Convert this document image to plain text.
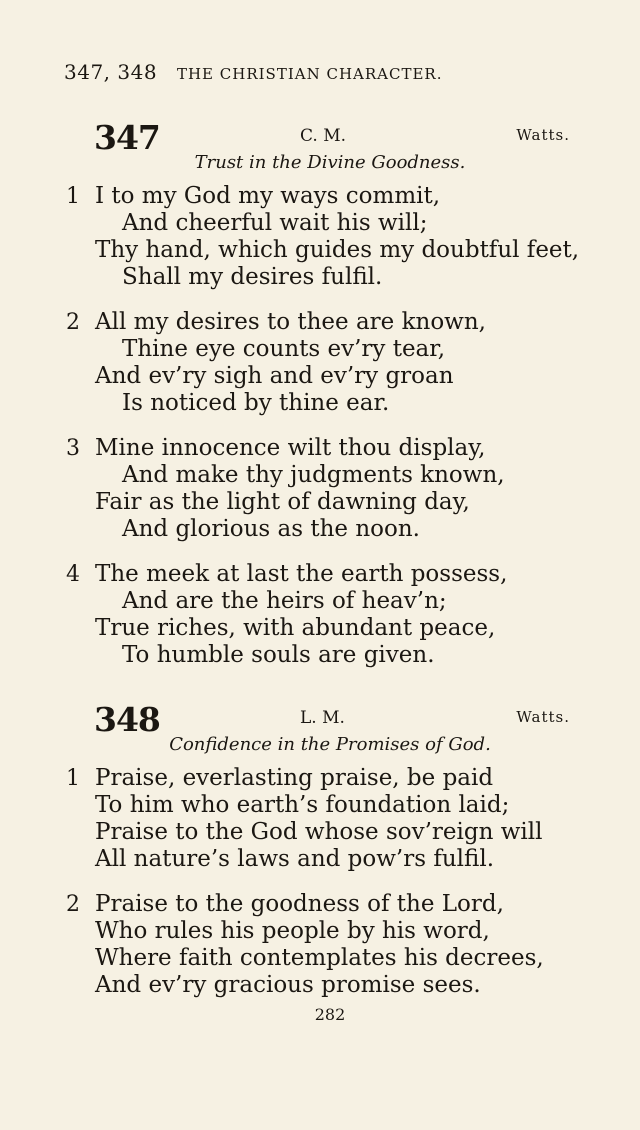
347, 348 THE CHRISTIAN CHARACTER.
347	C. M.	Watts.
Trust in the Divine Goodness.
1 I to my God my ways commit,
And cheerful wait his will;
Thy hand, which guides my doubtful feet,
Shall my desires fulfil.
2 All my desires to thee are known,
Thine eye counts ev’ry tear,
And ev’ry sigh and ev’ry groan
Is noticed by thine ear.
3 Mine innocence wilt thou display,
And make thy judgments known,
Fair as the light of dawning day,
And glorious as the noon.
4 The meek at last the earth possess,
And are the heirs of heav’n;
True riches, with abundant peace,
To humble souls are given.
348	L. M.	Watts.
Confidence in the Promises of God.
1 Praise, everlasting praise, be paid
To him who earth’s foundation laid;
Praise to the God whose sov’reign will
All nature’s laws and pow’rs fulfil.
2 Praise to the goodness of the Lord,
Who rules his people by his word,
Where faith contemplates his decrees,
And ev’ry gracious promise sees.
282
